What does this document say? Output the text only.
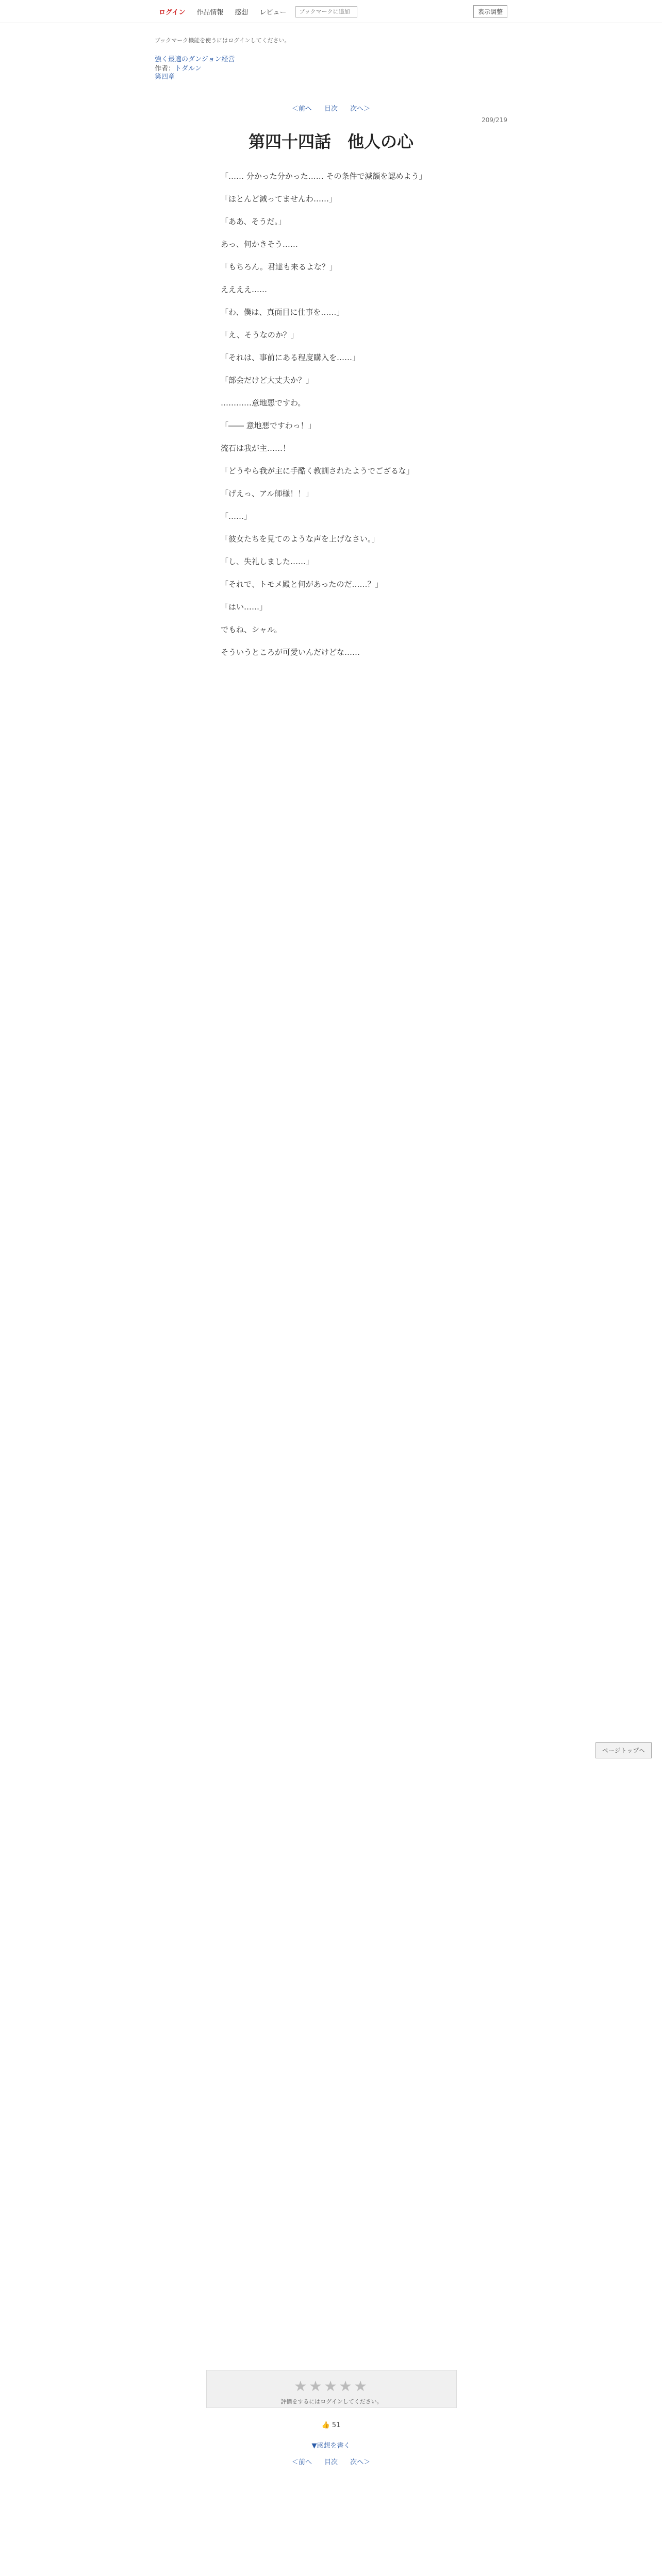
ログイン	作品情報	感想	レビュー
ブックマークに追加	表示調整
ブックマーク機能を使うにはログインしてください。
強く最適のダンジョン経営
作者：トダルン
第四章
＜前へ 目次 次へ＞
209/219
第四十四話　他人の心

「…… 分かった分かった…… その条件で減額を認めよう」

「ほとんど減ってませんわ……」

「ああ、そうだ。」

あっ、何かきそう……

「もちろん。君達も来るよな？」

ええええ……

「わ、僕は、真面目に仕事を……」

「え、そうなのか？」

「それは、事前にある程度購入を……」

「部会だけど大丈夫か？」

…………意地悪ですわ。

「―― 意地悪ですわっ！」

流石は我が主……！

「どうやら我が主に手酷く教訓されたようでござるな」

「げえっ、アル師様！！」

「……」

「彼女たちを見てのような声を上げなさい。」

「し、失礼しました……」

「それで、トモメ殿と何があったのだ……？」

「はい……」

でもね、シャル。

そういうところが可愛いんだけどな……

ページトップへ
★★★★★
評価をするにはログインしてください。
👍 51
▼感想を書く
＜前へ 目次 次へ＞
